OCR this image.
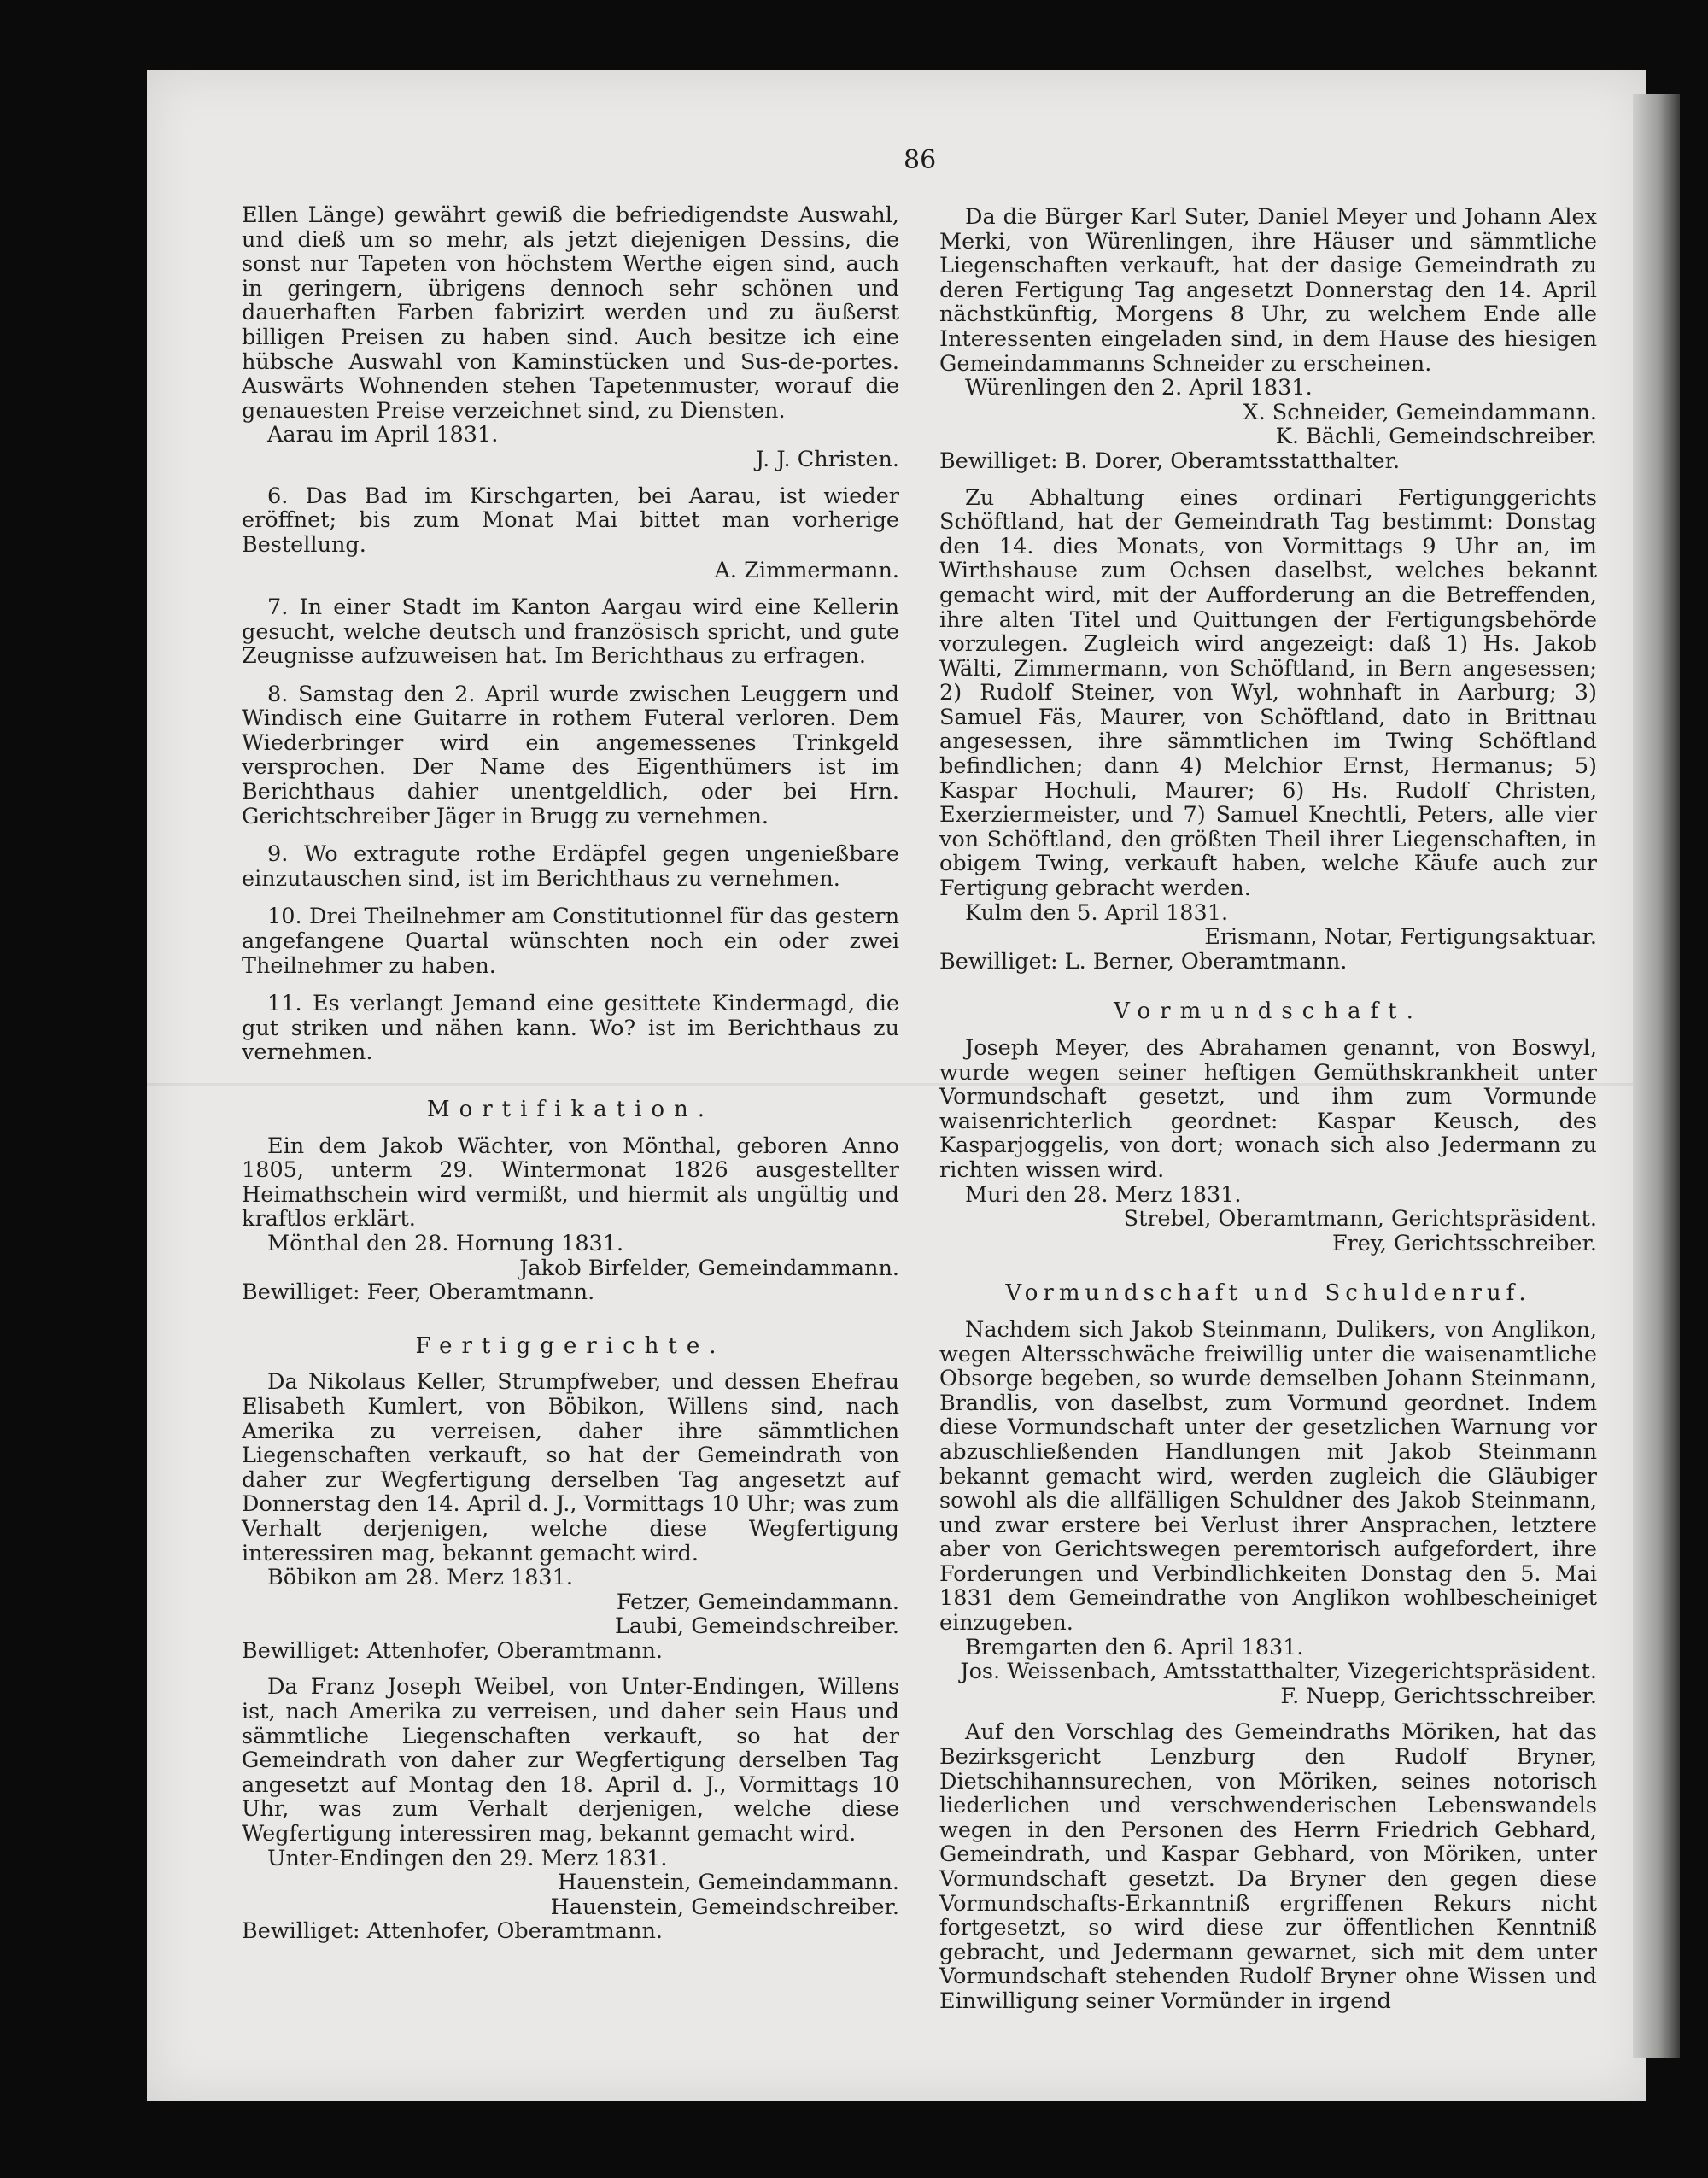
86

Ellen Länge) gewährt gewiß die befriedigendste Auswahl, und dieß um so mehr, als jetzt diejenigen Dessins, die sonst nur Tapeten von höchstem Werthe eigen sind, auch in geringern, übrigens dennoch sehr schönen und dauerhaften Farben fabrizirt werden und zu äußerst billigen Preisen zu haben sind. Auch besitze ich eine hübsche Auswahl von Kaminstücken und Sus-de-portes. Auswärts Wohnenden stehen Tapetenmuster, worauf die genauesten Preise verzeichnet sind, zu Diensten.

Aarau im April 1831.

J. J. Christen.

6. Das Bad im Kirschgarten, bei Aarau, ist wieder eröffnet; bis zum Monat Mai bittet man vorherige Bestellung.

A. Zimmermann.

7. In einer Stadt im Kanton Aargau wird eine Kellerin gesucht, welche deutsch und französisch spricht, und gute Zeugnisse aufzuweisen hat. Im Berichthaus zu erfragen.

8. Samstag den 2. April wurde zwischen Leuggern und Windisch eine Guitarre in rothem Futeral verloren. Dem Wiederbringer wird ein angemessenes Trinkgeld versprochen. Der Name des Eigenthümers ist im Berichthaus dahier unentgeldlich, oder bei Hrn. Gerichtschreiber Jäger in Brugg zu vernehmen.

9. Wo extragute rothe Erdäpfel gegen ungenießbare einzutauschen sind, ist im Berichthaus zu vernehmen.

10. Drei Theilnehmer am Constitutionnel für das gestern angefangene Quartal wünschten noch ein oder zwei Theilnehmer zu haben.

11. Es verlangt Jemand eine gesittete Kindermagd, die gut striken und nähen kann. Wo? ist im Berichthaus zu vernehmen.

Mortifikation.

Ein dem Jakob Wächter, von Mönthal, geboren Anno 1805, unterm 29. Wintermonat 1826 ausgestellter Heimathschein wird vermißt, und hiermit als ungültig und kraftlos erklärt.

Mönthal den 28. Hornung 1831.

Jakob Birfelder, Gemeindammann.

Bewilliget: Feer, Oberamtmann.

Fertiggerichte.

Da Nikolaus Keller, Strumpfweber, und dessen Ehefrau Elisabeth Kumlert, von Böbikon, Willens sind, nach Amerika zu verreisen, daher ihre sämmtlichen Liegenschaften verkauft, so hat der Gemeindrath von daher zur Wegfertigung derselben Tag angesetzt auf Donnerstag den 14. April d. J., Vormittags 10 Uhr; was zum Verhalt derjenigen, welche diese Wegfertigung interessiren mag, bekannt gemacht wird.

Böbikon am 28. Merz 1831.

Fetzer, Gemeindammann.

Laubi, Gemeindschreiber.

Bewilliget: Attenhofer, Oberamtmann.

Da Franz Joseph Weibel, von Unter-Endingen, Willens ist, nach Amerika zu verreisen, und daher sein Haus und sämmtliche Liegenschaften verkauft, so hat der Gemeindrath von daher zur Wegfertigung derselben Tag angesetzt auf Montag den 18. April d. J., Vormittags 10 Uhr, was zum Verhalt derjenigen, welche diese Wegfertigung interessiren mag, bekannt gemacht wird.

Unter-Endingen den 29. Merz 1831.

Hauenstein, Gemeindammann.

Hauenstein, Gemeindschreiber.

Bewilliget: Attenhofer, Oberamtmann.

Da die Bürger Karl Suter, Daniel Meyer und Johann Alex Merki, von Würenlingen, ihre Häuser und sämmtliche Liegenschaften verkauft, hat der dasige Gemeindrath zu deren Fertigung Tag angesetzt Donnerstag den 14. April nächstkünftig, Morgens 8 Uhr, zu welchem Ende alle Interessenten eingeladen sind, in dem Hause des hiesigen Gemeindammanns Schneider zu erscheinen.

Würenlingen den 2. April 1831.

X. Schneider, Gemeindammann.

K. Bächli, Gemeindschreiber.

Bewilliget: B. Dorer, Oberamtsstatthalter.

Zu Abhaltung eines ordinari Fertigunggerichts Schöftland, hat der Gemeindrath Tag bestimmt: Donstag den 14. dies Monats, von Vormittags 9 Uhr an, im Wirthshause zum Ochsen daselbst, welches bekannt gemacht wird, mit der Aufforderung an die Betreffenden, ihre alten Titel und Quittungen der Fertigungsbehörde vorzulegen. Zugleich wird angezeigt: daß 1) Hs. Jakob Wälti, Zimmermann, von Schöftland, in Bern angesessen; 2) Rudolf Steiner, von Wyl, wohnhaft in Aarburg; 3) Samuel Fäs, Maurer, von Schöftland, dato in Brittnau angesessen, ihre sämmtlichen im Twing Schöftland befindlichen; dann 4) Melchior Ernst, Hermanus; 5) Kaspar Hochuli, Maurer; 6) Hs. Rudolf Christen, Exerziermeister, und 7) Samuel Knechtli, Peters, alle vier von Schöftland, den größten Theil ihrer Liegenschaften, in obigem Twing, verkauft haben, welche Käufe auch zur Fertigung gebracht werden.

Kulm den 5. April 1831.

Erismann, Notar, Fertigungsaktuar.

Bewilliget: L. Berner, Oberamtmann.

Vormundschaft.

Joseph Meyer, des Abrahamen genannt, von Boswyl, wurde wegen seiner heftigen Gemüthskrankheit unter Vormundschaft gesetzt, und ihm zum Vormunde waisenrichterlich geordnet: Kaspar Keusch, des Kasparjoggelis, von dort; wonach sich also Jedermann zu richten wissen wird.

Muri den 28. Merz 1831.

Strebel, Oberamtmann, Gerichtspräsident.

Frey, Gerichtsschreiber.

Vormundschaft und Schuldenruf.

Nachdem sich Jakob Steinmann, Dulikers, von Anglikon, wegen Altersschwäche freiwillig unter die waisenamtliche Obsorge begeben, so wurde demselben Johann Steinmann, Brandlis, von daselbst, zum Vormund geordnet. Indem diese Vormundschaft unter der gesetzlichen Warnung vor abzuschließenden Handlungen mit Jakob Steinmann bekannt gemacht wird, werden zugleich die Gläubiger sowohl als die allfälligen Schuldner des Jakob Steinmann, und zwar erstere bei Verlust ihrer Ansprachen, letztere aber von Gerichtswegen peremtorisch aufgefordert, ihre Forderungen und Verbindlichkeiten Donstag den 5. Mai 1831 dem Gemeindrathe von Anglikon wohlbescheiniget einzugeben.

Bremgarten den 6. April 1831.

Jos. Weissenbach, Amtsstatthalter, Vizegerichtspräsident.

F. Nuepp, Gerichtsschreiber.

Auf den Vorschlag des Gemeindraths Möriken, hat das Bezirksgericht Lenzburg den Rudolf Bryner, Dietschihannsurechen, von Möriken, seines notorisch liederlichen und verschwenderischen Lebenswandels wegen in den Personen des Herrn Friedrich Gebhard, Gemeindrath, und Kaspar Gebhard, von Möriken, unter Vormundschaft gesetzt. Da Bryner den gegen diese Vormundschafts-Erkanntniß ergriffenen Rekurs nicht fortgesetzt, so wird diese zur öffentlichen Kenntniß gebracht, und Jedermann gewarnet, sich mit dem unter Vormundschaft stehenden Rudolf Bryner ohne Wissen und Einwilligung seiner Vormünder in irgend
